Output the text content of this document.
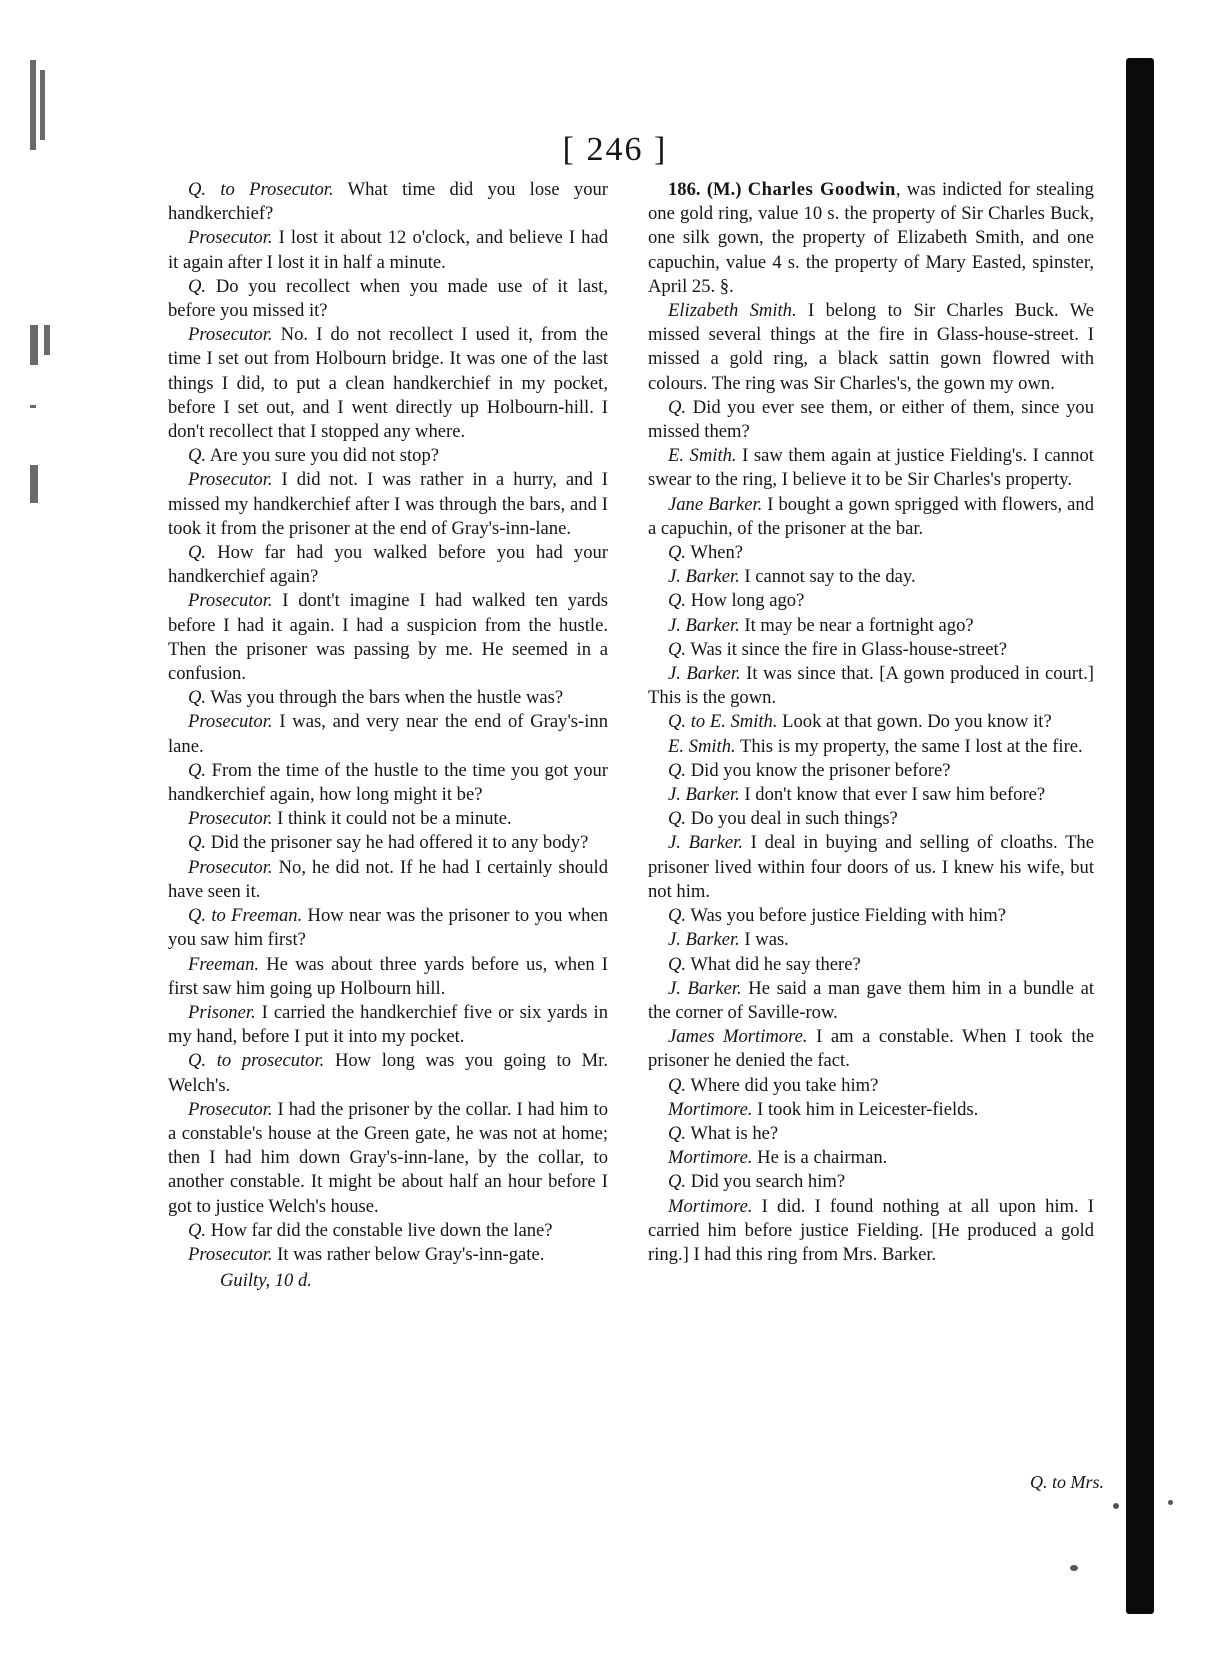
[ 246 ]

Q. to Prosecutor. What time did you lose your handkerchief?

Prosecutor. I lost it about 12 o'clock, and believe I had it again after I lost it in half a minute.

Q. Do you recollect when you made use of it last, before you missed it?

Prosecutor. No. I do not recollect I used it, from the time I set out from Holbourn bridge. It was one of the last things I did, to put a clean handkerchief in my pocket, before I set out, and I went directly up Holbourn-hill. I don't recollect that I stopped any where.

Q. Are you sure you did not stop?

Prosecutor. I did not. I was rather in a hurry, and I missed my handkerchief after I was through the bars, and I took it from the prisoner at the end of Gray's-inn-lane.

Q. How far had you walked before you had your handkerchief again?

Prosecutor. I dont't imagine I had walked ten yards before I had it again. I had a suspicion from the hustle. Then the prisoner was passing by me. He seemed in a confusion.

Q. Was you through the bars when the hustle was?

Prosecutor. I was, and very near the end of Gray's-inn lane.

Q. From the time of the hustle to the time you got your handkerchief again, how long might it be?

Prosecutor. I think it could not be a minute.

Q. Did the prisoner say he had offered it to any body?

Prosecutor. No, he did not. If he had I certainly should have seen it.

Q. to Freeman. How near was the prisoner to you when you saw him first?

Freeman. He was about three yards before us, when I first saw him going up Holbourn hill.

Prisoner. I carried the handkerchief five or six yards in my hand, before I put it into my pocket.

Q. to prosecutor. How long was you going to Mr. Welch's.

Prosecutor. I had the prisoner by the collar. I had him to a constable's house at the Green gate, he was not at home; then I had him down Gray's-inn-lane, by the collar, to another constable. It might be about half an hour before I got to justice Welch's house.

Q. How far did the constable live down the lane?

Prosecutor. It was rather below Gray's-inn-gate.

Guilty, 10 d.

186. (M.) Charles Goodwin, was indicted for stealing one gold ring, value 10 s. the property of Sir Charles Buck, one silk gown, the property of Elizabeth Smith, and one capuchin, value 4 s. the property of Mary Easted, spinster, April 25. §.

Elizabeth Smith. I belong to Sir Charles Buck. We missed several things at the fire in Glass-house-street. I missed a gold ring, a black sattin gown flowred with colours. The ring was Sir Charles's, the gown my own.

Q. Did you ever see them, or either of them, since you missed them?

E. Smith. I saw them again at justice Fielding's. I cannot swear to the ring, I believe it to be Sir Charles's property.

Jane Barker. I bought a gown sprigged with flowers, and a capuchin, of the prisoner at the bar.

Q. When?

J. Barker. I cannot say to the day.

Q. How long ago?

J. Barker. It may be near a fortnight ago?

Q. Was it since the fire in Glass-house-street?

J. Barker. It was since that. [A gown produced in court.] This is the gown.

Q. to E. Smith. Look at that gown. Do you know it?

E. Smith. This is my property, the same I lost at the fire.

Q. Did you know the prisoner before?

J. Barker. I don't know that ever I saw him before?

Q. Do you deal in such things?

J. Barker. I deal in buying and selling of cloaths. The prisoner lived within four doors of us. I knew his wife, but not him.

Q. Was you before justice Fielding with him?

J. Barker. I was.

Q. What did he say there?

J. Barker. He said a man gave them him in a bundle at the corner of Saville-row.

James Mortimore. I am a constable. When I took the prisoner he denied the fact.

Q. Where did you take him?

Mortimore. I took him in Leicester-fields.

Q. What is he?

Mortimore. He is a chairman.

Q. Did you search him?

Mortimore. I did. I found nothing at all upon him. I carried him before justice Fielding. [He produced a gold ring.] I had this ring from Mrs. Barker.

Q. to Mrs.
